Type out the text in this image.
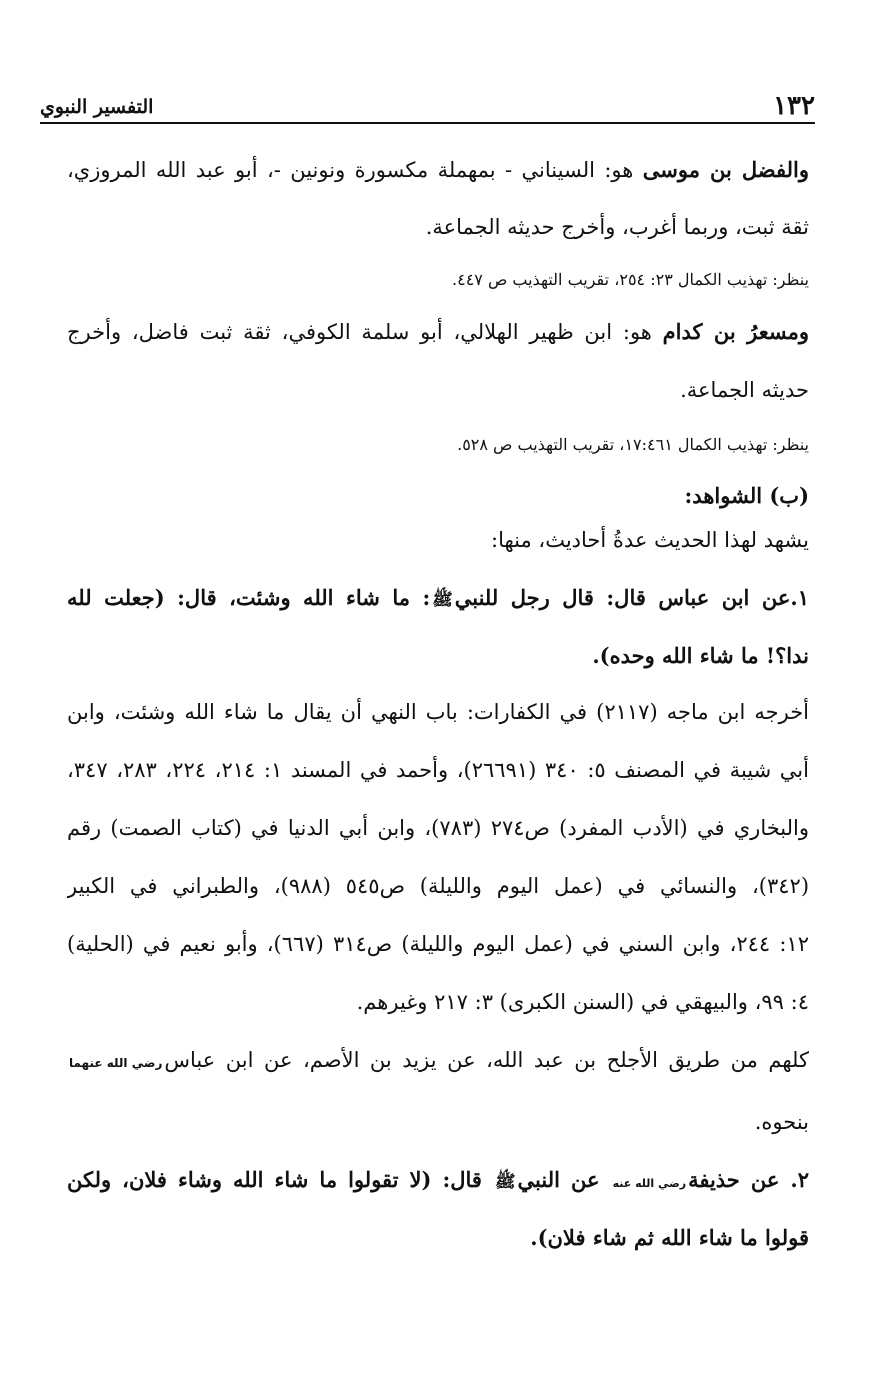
١٣٢
التفسير النبوي
والفضل بن موسى هو: السيناني - بمهملة مكسورة ونونين -، أبو عبد الله المروزي،
ثقة ثبت، وربما أغرب، وأخرج حديثه الجماعة.
ينظر: تهذيب الكمال ٢٣: ٢٥٤، تقريب التهذيب ص ٤٤٧.
ومسعرُ بن كدام هو: ابن ظهير الهلالي، أبو سلمة الكوفي، ثقة ثبت فاضل، وأخرج
حديثه الجماعة.
ينظر: تهذيب الكمال ١٧:٤٦١، تقريب التهذيب ص ٥٢٨.
(ب) الشواهد:
يشهد لهذا الحديث عدةُ أحاديث، منها:
١.عن ابن عباس قال: قال رجل للنبيﷺ: ما شاء الله وشئت، قال: (جعلت لله
ندا؟! ما شاء الله وحده).
أخرجه ابن ماجه (٢١١٧) في الكفارات: باب النهي أن يقال ما شاء الله وشئت، وابن
أبي شيبة في المصنف ٥: ٣٤٠ (٢٦٦٩١)، وأحمد في المسند ١: ٢١٤، ٢٢٤، ٢٨٣، ٣٤٧،
والبخاري في (الأدب المفرد) ص٢٧٤ (٧٨٣)، وابن أبي الدنيا في (كتاب الصمت) رقم
(٣٤٢)، والنسائي في (عمل اليوم والليلة) ص٥٤٥ (٩٨٨)، والطبراني في الكبير
١٢: ٢٤٤، وابن السني في (عمل اليوم والليلة) ص٣١٤ (٦٦٧)، وأبو نعيم في (الحلية)
٤: ٩٩، والبيهقي في (السنن الكبرى) ٣: ٢١٧ وغيرهم.
كلهم من طريق الأجلح بن عبد الله، عن يزيد بن الأصم، عن ابن عباسرضي الله عنهما
بنحوه.
٢. عن حذيفةرضي الله عنه عن النبيﷺ قال: (لا تقولوا ما شاء الله وشاء فلان، ولكن
قولوا ما شاء الله ثم شاء فلان).
